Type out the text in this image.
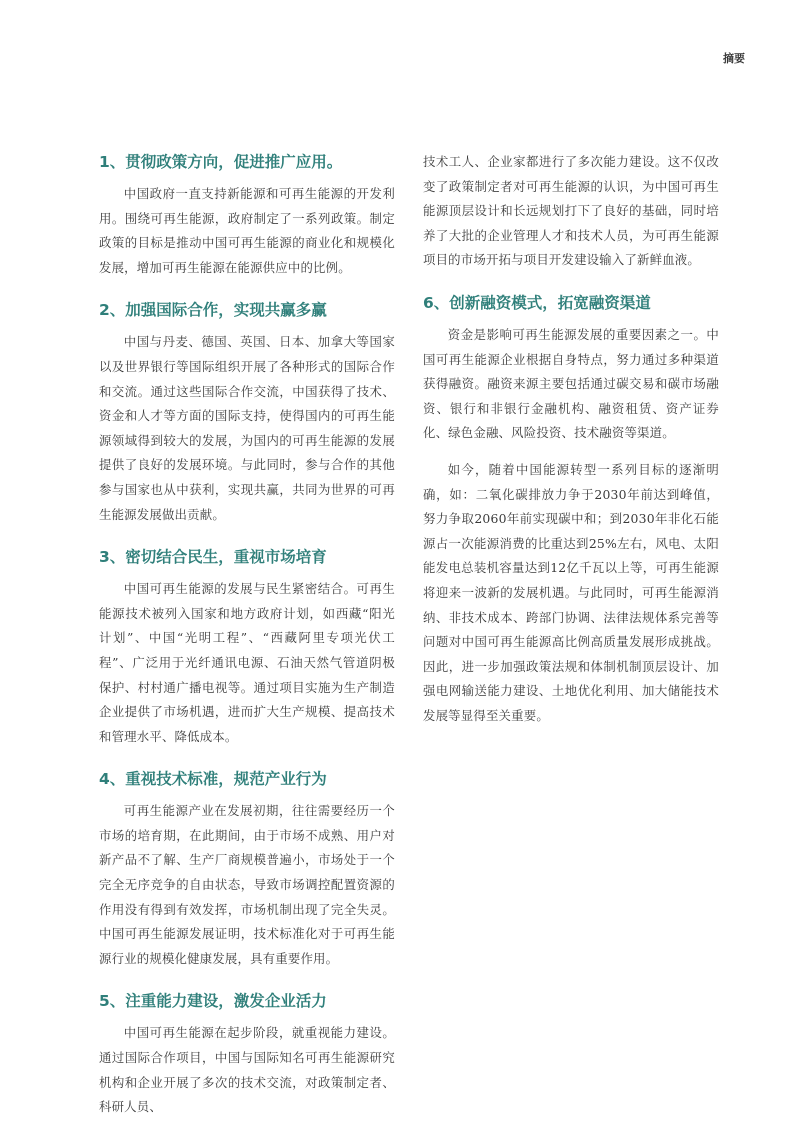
摘要
1、贯彻政策方向，促进推广应用。

中国政府一直支持新能源和可再生能源的开发利用。围绕可再生能源，政府制定了一系列政策。制定政策的目标是推动中国可再生能源的商业化和规模化发展，增加可再生能源在能源供应中的比例。

2、加强国际合作，实现共赢多赢

中国与丹麦、德国、英国、日本、加拿大等国家以及世界银行等国际组织开展了各种形式的国际合作和交流。通过这些国际合作交流，中国获得了技术、资金和人才等方面的国际支持，使得国内的可再生能源领域得到较大的发展，为国内的可再生能源的发展提供了良好的发展环境。与此同时，参与合作的其他参与国家也从中获利，实现共赢，共同为世界的可再生能源发展做出贡献。

3、密切结合民生，重视市场培育

中国可再生能源的发展与民生紧密结合。可再生能源技术被列入国家和地方政府计划，如西藏“阳光计划”、中国“光明工程”、“西藏阿里专项光伏工程”、广泛用于光纤通讯电源、石油天然气管道阴极保护、村村通广播电视等。通过项目实施为生产制造企业提供了市场机遇，进而扩大生产规模、提高技术和管理水平、降低成本。

4、重视技术标准，规范产业行为

可再生能源产业在发展初期，往往需要经历一个市场的培育期，在此期间，由于市场不成熟、用户对新产品不了解、生产厂商规模普遍小，市场处于一个完全无序竞争的自由状态，导致市场调控配置资源的作用没有得到有效发挥，市场机制出现了完全失灵。中国可再生能源发展证明，技术标准化对于可再生能源行业的规模化健康发展，具有重要作用。

5、注重能力建设，激发企业活力

中国可再生能源在起步阶段，就重视能力建设。通过国际合作项目，中国与国际知名可再生能源研究机构和企业开展了多次的技术交流，对政策制定者、科研人员、

技术工人、企业家都进行了多次能力建设。这不仅改变了政策制定者对可再生能源的认识，为中国可再生能源顶层设计和长远规划打下了良好的基础，同时培养了大批的企业管理人才和技术人员，为可再生能源项目的市场开拓与项目开发建设输入了新鲜血液。

6、创新融资模式，拓宽融资渠道

资金是影响可再生能源发展的重要因素之一。中国可再生能源企业根据自身特点，努力通过多种渠道获得融资。融资来源主要包括通过碳交易和碳市场融资、银行和非银行金融机构、融资租赁、资产证券化、绿色金融、风险投资、技术融资等渠道。

如今，随着中国能源转型一系列目标的逐渐明确，如：二氧化碳排放力争于2030年前达到峰值，努力争取2060年前实现碳中和；到2030年非化石能源占一次能源消费的比重达到25%左右，风电、太阳能发电总装机容量达到12亿千瓦以上等，可再生能源将迎来一波新的发展机遇。与此同时，可再生能源消纳、非技术成本、跨部门协调、法律法规体系完善等问题对中国可再生能源高比例高质量发展形成挑战。因此，进一步加强政策法规和体制机制顶层设计、加强电网输送能力建设、土地优化利用、加大储能技术发展等显得至关重要。
